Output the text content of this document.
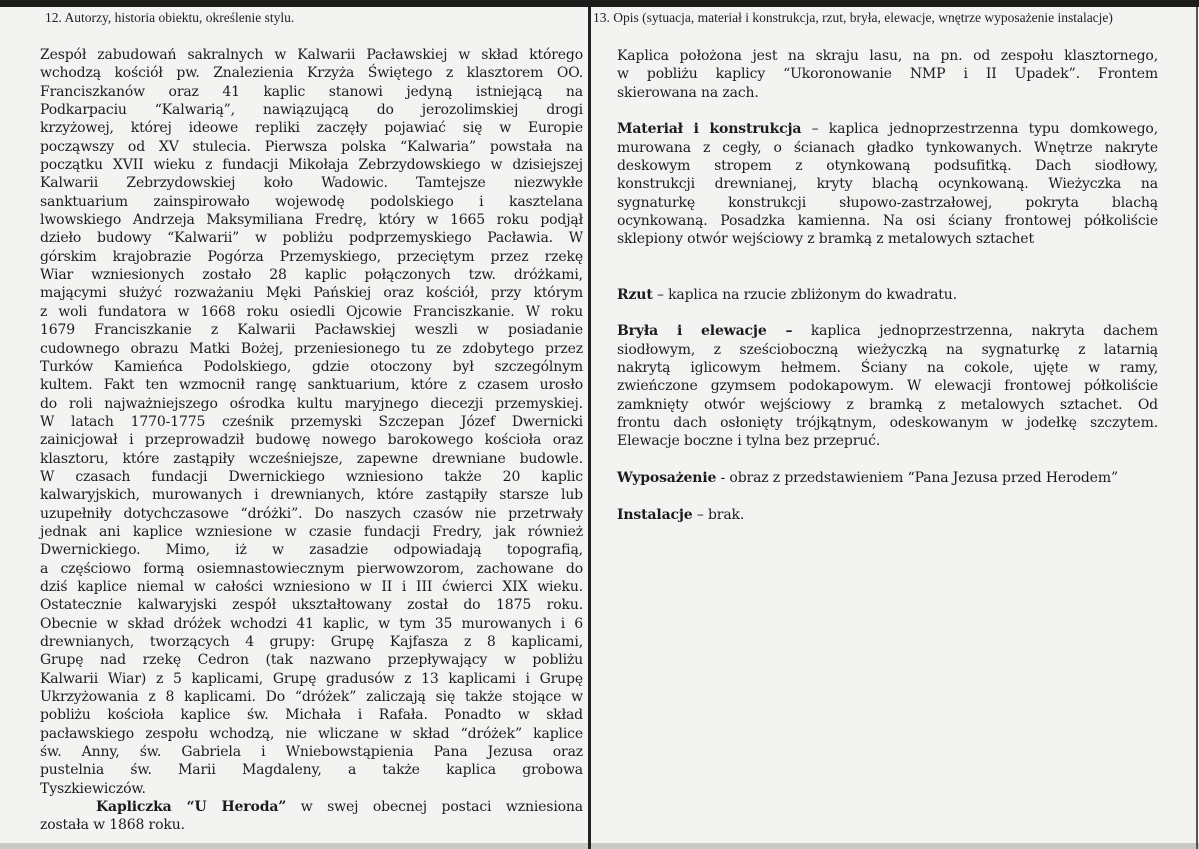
12. Autorzy, historia obiektu, określenie stylu.	13. Opis (sytuacja, materiał i konstrukcja, rzut, bryła, elewacje, wnętrze wyposażenie instalacje)
Zespół zabudowań sakralnych w Kalwarii Pacławskiej w skład którego
wchodzą kościół pw. Znalezienia Krzyża Świętego z klasztorem OO.
Franciszkanów oraz 41 kaplic stanowi jedyną istniejącą na
Podkarpaciu “Kalwarią”, nawiązującą do jerozolimskiej drogi
krzyżowej, której ideowe repliki zaczęły pojawiać się w Europie
począwszy od XV stulecia. Pierwsza polska “Kalwaria” powstała na
początku XVII wieku z fundacji Mikołaja Zebrzydowskiego w dzisiejszej
Kalwarii Zebrzydowskiej koło Wadowic. Tamtejsze niezwykłe
sanktuarium zainspirowało wojewodę podolskiego i kasztelana
lwowskiego Andrzeja Maksymiliana Fredrę, który w 1665 roku podjął
dzieło budowy “Kalwarii” w pobliżu podprzemyskiego Pacławia. W
górskim krajobrazie Pogórza Przemyskiego, przeciętym przez rzekę
Wiar wzniesionych zostało 28 kaplic połączonych tzw. dróżkami,
mającymi służyć rozważaniu Męki Pańskiej oraz kościół, przy którym
z woli fundatora w 1668 roku osiedli Ojcowie Franciszkanie. W roku
1679 Franciszkanie z Kalwarii Pacławskiej weszli w posiadanie
cudownego obrazu Matki Bożej, przeniesionego tu ze zdobytego przez
Turków Kamieńca Podolskiego, gdzie otoczony był szczególnym
kultem. Fakt ten wzmocnił rangę sanktuarium, które z czasem urosło
do roli najważniejszego ośrodka kultu maryjnego diecezji przemyskiej.
W latach 1770-1775 cześnik przemyski Szczepan Józef Dwernicki
zainicjował i przeprowadził budowę nowego barokowego kościoła oraz
klasztoru, które zastąpiły wcześniejsze, zapewne drewniane budowle.
W czasach fundacji Dwernickiego wzniesiono także 20 kaplic
kalwaryjskich, murowanych i drewnianych, które zastąpiły starsze lub
uzupełniły dotychczasowe “dróżki”. Do naszych czasów nie przetrwały
jednak ani kaplice wzniesione w czasie fundacji Fredry, jak również
Dwernickiego. Mimo, iż w zasadzie odpowiadają topografią,
a częściowo formą osiemnastowiecznym pierwowzorom, zachowane do
dziś kaplice niemal w całości wzniesiono w II i III ćwierci XIX wieku.
Ostatecznie kalwaryjski zespół ukształtowany został do 1875 roku.
Obecnie w skład dróżek wchodzi 41 kaplic, w tym 35 murowanych i 6
drewnianych, tworzących 4 grupy: Grupę Kajfasza z 8 kaplicami,
Grupę nad rzekę Cedron (tak nazwano przepływający w pobliżu
Kalwarii Wiar) z 5 kaplicami, Grupę gradusów z 13 kaplicami i Grupę
Ukrzyżowania z 8 kaplicami. Do “dróżek” zaliczają się także stojące w
pobliżu kościoła kaplice św. Michała i Rafała. Ponadto w skład
pacławskiego zespołu wchodzą, nie wliczane w skład “dróżek” kaplice
św. Anny, św. Gabriela i Wniebowstąpienia Pana Jezusa oraz
pustelnia św. Marii Magdaleny, a także kaplica grobowa
Tyszkiewiczów.
Kapliczka “U Heroda” w swej obecnej postaci wzniesiona
została w 1868 roku.
Kaplica położona jest na skraju lasu, na pn. od zespołu klasztornego,
w pobliżu kaplicy “Ukoronowanie NMP i II Upadek”. Frontem
skierowana na zach.
Materiał i konstrukcja – kaplica jednoprzestrzenna typu domkowego,
murowana z cegły, o ścianach gładko tynkowanych. Wnętrze nakryte
deskowym stropem z otynkowaną podsufitką. Dach siodłowy,
konstrukcji drewnianej, kryty blachą ocynkowaną. Wieżyczka na
sygnaturkę konstrukcji słupowo-zastrzałowej, pokryta blachą
ocynkowaną. Posadzka kamienna. Na osi ściany frontowej półkoliście
sklepiony otwór wejściowy z bramką z metalowych sztachet
Rzut – kaplica na rzucie zbliżonym do kwadratu.
Bryła i elewacje – kaplica jednoprzestrzenna, nakryta dachem
siodłowym, z sześcioboczną wieżyczką na sygnaturkę z latarnią
nakrytą iglicowym hełmem. Ściany na cokole, ujęte w ramy,
zwieńczone gzymsem podokapowym. W elewacji frontowej półkoliście
zamknięty otwór wejściowy z bramką z metalowych sztachet. Od
frontu dach osłonięty trójkątnym, odeskowanym w jodełkę szczytem.
Elewacje boczne i tylna bez przepruć.
Wyposażenie - obraz z przedstawieniem “Pana Jezusa przed Herodem”
Instalacje – brak.
